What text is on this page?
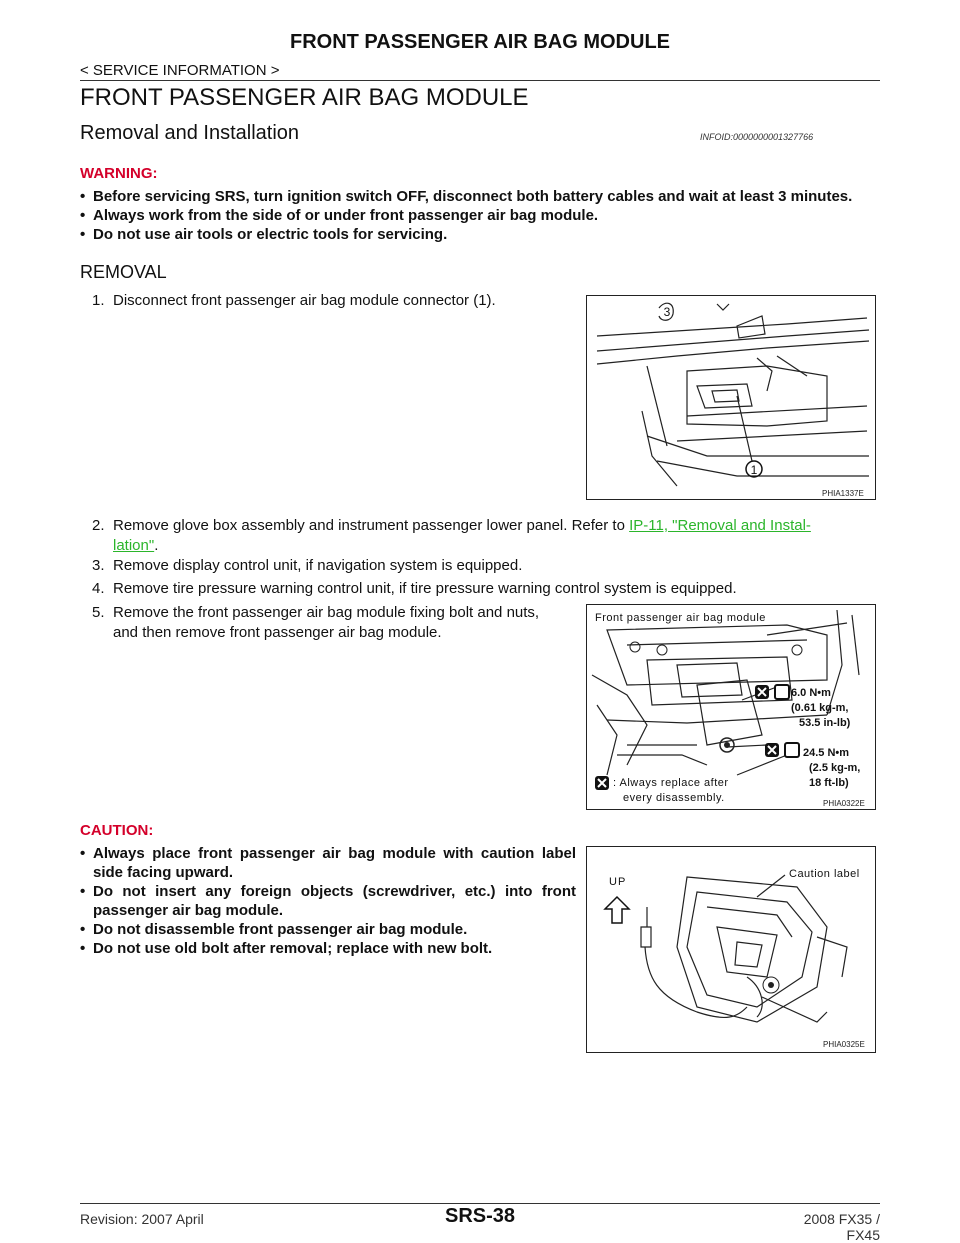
FRONT PASSENGER AIR BAG MODULE
< SERVICE INFORMATION >
FRONT PASSENGER AIR BAG MODULE
Removal and Installation	INFOID:0000000001327766
WARNING:
• Before servicing SRS, turn ignition switch OFF, disconnect both battery cables and wait at least 3 minutes.
• Always work from the side of or under front passenger air bag module.
• Do not use air tools or electric tools for servicing.
REMOVAL
1. Disconnect front passenger air bag module connector (1).
2. Remove glove box assembly and instrument passenger lower panel. Refer to IP-11, "Removal and Instal-
lation".
3. Remove display control unit, if navigation system is equipped.
4. Remove tire pressure warning control unit, if tire pressure warning control system is equipped.
5. Remove the front passenger air bag module fixing bolt and nuts,
and then remove front passenger air bag module.
1
3
PHIA1337E
Front passenger air bag module
6.0 N•m
(0.61 kg-m,
53.5 in-lb)
24.5 N•m
(2.5 kg-m,
18 ft-lb)
: Always replace after
every disassembly.	PHIA0322E
CAUTION:
• Always place front passenger air bag module with caution label side facing upward.
• Do not insert any foreign objects (screwdriver, etc.) into front passenger air bag module.
• Do not disassemble front passenger air bag module.
• Do not use old bolt after removal; replace with new bolt.
UP
Caution label
PHIA0325E
SRS-38
Revision: 2007 April	2008 FX35 / FX45
